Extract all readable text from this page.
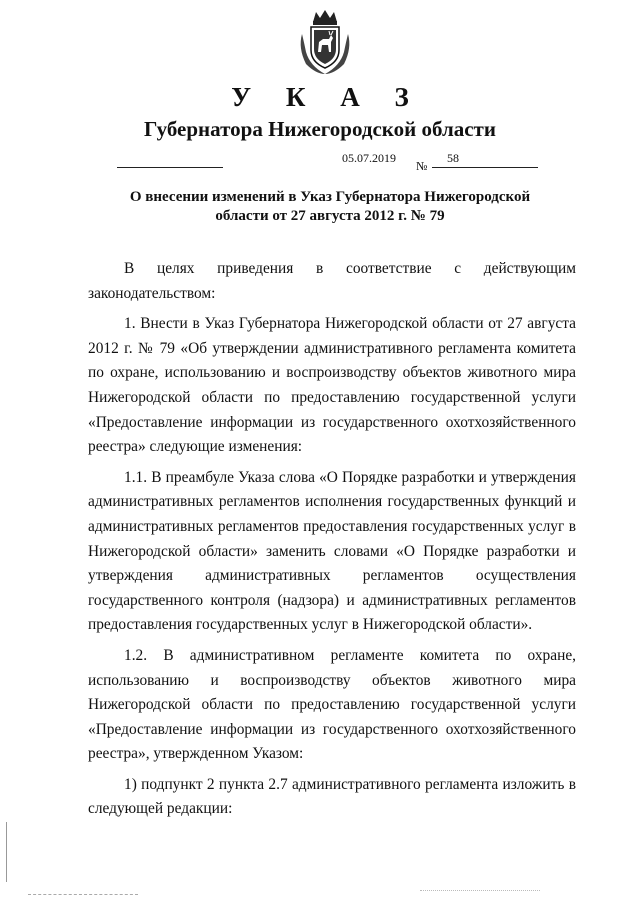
У К А З
Губернатора Нижегородской области
05.07.2019
№
58
О внесении изменений в Указ Губернатора Нижегородской
области от 27 августа 2012 г. № 79

В целях приведения в соответствие с действующим законодательством:

1. Внести в Указ Губернатора Нижегородской области от 27 августа 2012 г. № 79 «Об утверждении административного регламента комитета по охране, использованию и воспроизводству объектов животного мира Нижегородской области по предоставлению государственной услуги «Предоставление информации из государственного охотхозяйственного реестра» следующие изменения:

1.1. В преамбуле Указа слова «О Порядке разработки и утверждения административных регламентов исполнения государственных функций и административных регламентов предоставления государственных услуг в Нижегородской области» заменить словами «О Порядке разработки и утверждения административных регламентов осуществления государственного контроля (надзора) и административных регламентов предоставления государственных услуг в Нижегородской области».

1.2. В административном регламенте комитета по охране, использованию и воспроизводству объектов животного мира Нижегородской области по предоставлению государственной услуги «Предоставление информации из государственного охотхозяйственного реестра», утвержденном Указом:

1) подпункт 2 пункта 2.7 административного регламента изложить в следующей редакции:
